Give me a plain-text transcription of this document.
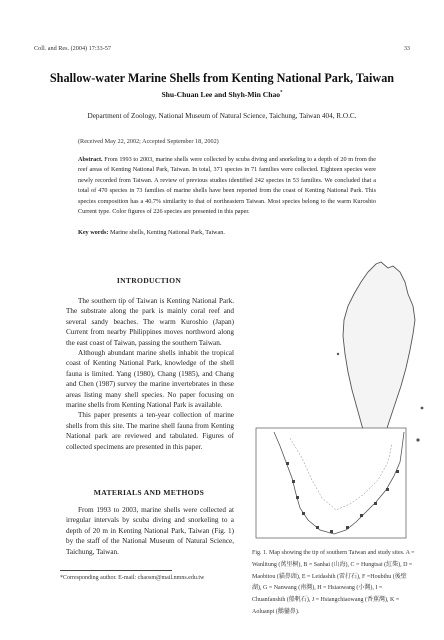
Coll. and Res. (2004) 17:33-57	33
Shallow-water Marine Shells from Kenting National Park, Taiwan
Shu-Chuan Lee and Shyh-Min Chao*
Department of Zoology, National Museum of Natural Science, Taichung, Taiwan 404, R.O.C.
(Received May 22, 2002; Accepted September 18, 2002)
Abstract. From 1993 to 2003, marine shells were collected by scuba diving and snorkeling to a depth of 20 m from the reef areas of Kenting National Park, Taiwan. In total, 371 species in 71 families were collected. Eighteen species were newly recorded from Taiwan. A review of previous studies identified 242 species in 53 families. We concluded that a total of 470 species in 73 families of marine shells have been reported from the coast of Kenting National Park. This species composition has a 40.7% similarity to that of northeastern Taiwan. Most species belong to the warm Kuroshio Current type. Color figures of 226 species are presented in this paper.
Key words: Marine shells, Kenting National Park, Taiwan.
INTRODUCTION

The southern tip of Taiwan is Kenting National Park. The substrate along the park is mainly coral reef and several sandy beaches. The warm Kuroshio (Japan) Current from nearby Philippines moves northword along the east coast of Taiwan, passing the southern Taiwan.

Although abundant marine shells inhabit the tropical coast of Kenting National Park, knowledge of the shell fauna is limited. Yang (1980), Chang (1985), and Chang and Chen (1987) survey the marine invertebrates in these areas listing many shell species. No paper focusing on marine shells from Kenting National Park is available.

This paper presents a ten-year collection of marine shells from this site. The marine shell fauna from Kenting National park are reviewed and tabulated. Figures of collected specimens are presented in this paper.

MATERIALS AND METHODS

From 1993 to 2003, marine shells were collected at irregular intervals by scuba diving and snorkeling to a depth of 20 m in Kenting National Park, Taiwan (Fig. 1) by the staff of the National Museum of Natural Science, Taichung, Taiwan.

*Corresponding author. E-mail: chaosm@mail.nmns.edu.tw
Fig. 1. Map showing the tip of southern Taiwan and study sites. A = Wanlitung (萬里桐), B = Sanhai (山海), C = Hungtsai (紅柴), D = Maobitou (貓鼻頭), E = Leidashih (雷打石), F =Houbihu (後壁湖), G = Nanwang (南灣), H = Hsiaowang (小灣), I = Chuanfanshih (船帆石), J = Hsiangchiaowang (香蕉灣), K = Aoluanpi (鵝鑾鼻).
